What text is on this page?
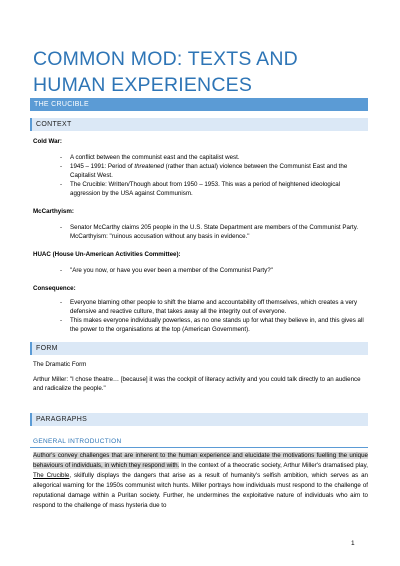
COMMON MOD: TEXTS AND HUMAN EXPERIENCES
THE CRUCIBLE
CONTEXT
Cold War:
- A conflict between the communist east and the capitalist west.
- 1945 – 1991: Period of threatened (rather than actual) violence between the Communist East and the Capitalist West.
- The Crucible: Written/Though about from 1950 – 1953. This was a period of heightened ideological aggression by the USA against Communism.
McCarthyism:
- Senator McCarthy claims 205 people in the U.S. State Department are members of the Communist Party. McCarthyism: "ruinous accusation without any basis in evidence."
HUAC (House Un-American Activities Committee):
- "Are you now, or have you ever been a member of the Communist Party?"
Consequence:
- Everyone blaming other people to shift the blame and accountability off themselves, which creates a very defensive and reactive culture, that takes away all the integrity out of everyone.
- This makes everyone individually powerless, as no one stands up for what they believe in, and this gives all the power to the organisations at the top (American Government).
FORM
The Dramatic Form
Arthur Miller: "I chose theatre… [because] it was the cockpit of literacy activity and you could talk directly to an audience and radicalize the people."
PARAGRAPHS
GENERAL INTRODUCTION
Author's convey challenges that are inherent to the human experience and elucidate the motivations fuelling the unique behaviours of individuals, in which they respond with. In the context of a theocratic society, Arthur Miller's dramatised play, The Crucible, skilfully displays the dangers that arise as a result of humanity's selfish ambition, which serves as an allegorical warning for the 1950s communist witch hunts. Miller portrays how individuals must respond to the challenge of reputational damage within a Puritan society. Further, he undermines the exploitative nature of individuals who aim to respond to the challenge of mass hysteria due to
1
